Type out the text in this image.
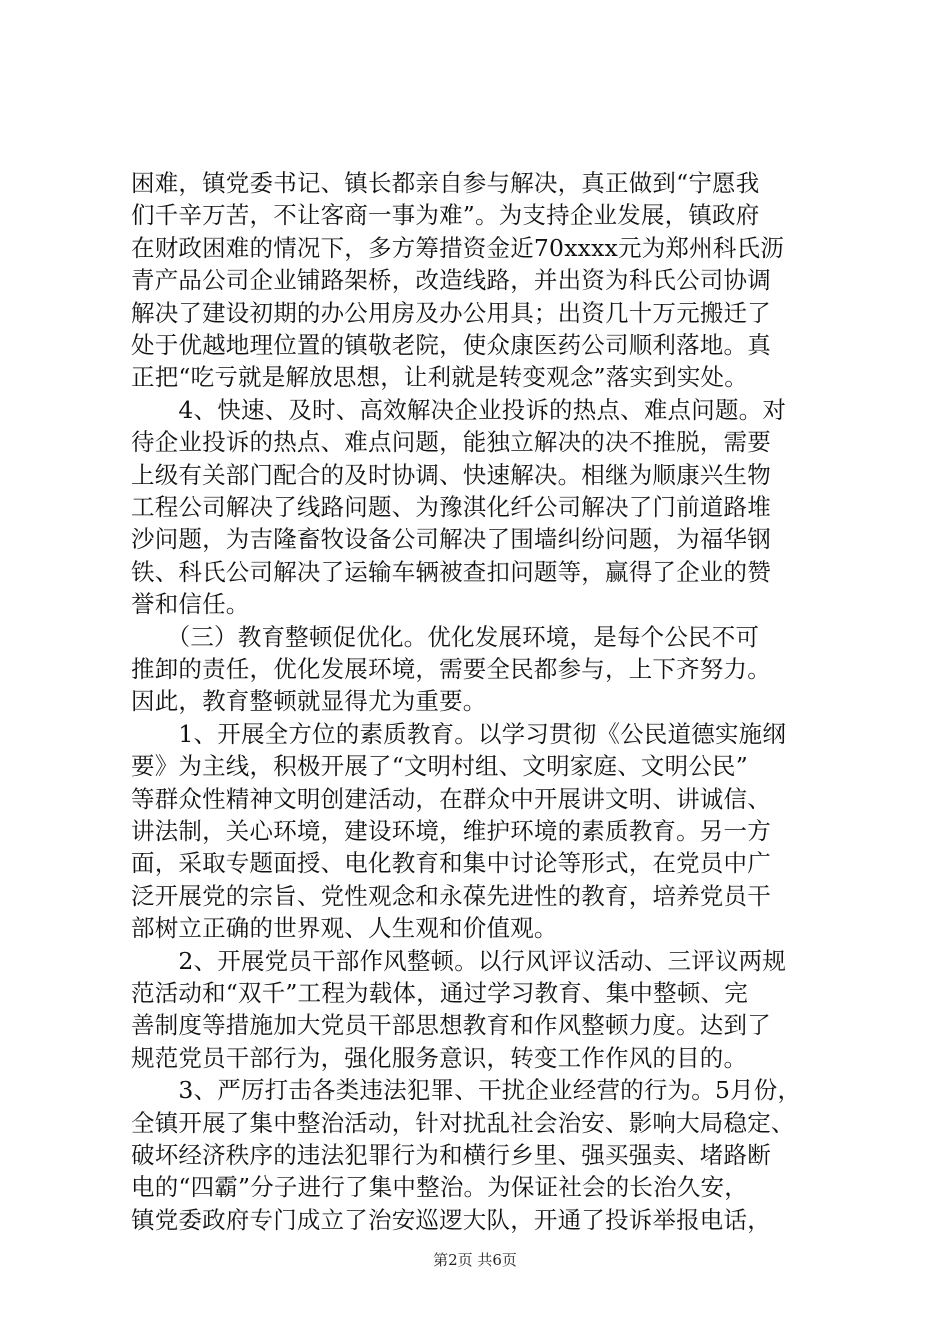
困难，镇党委书记、镇长都亲自参与解决，真正做到“宁愿我
们千辛万苦，不让客商一事为难”。为支持企业发展，镇政府
在财政困难的情况下，多方筹措资金近70xxxx元为郑州科氏沥
青产品公司企业铺路架桥，改造线路，并出资为科氏公司协调
解决了建设初期的办公用房及办公用具；出资几十万元搬迁了
处于优越地理位置的镇敬老院，使众康医药公司顺利落地。真
正把“吃亏就是解放思想，让利就是转变观念”落实到实处。
　　4、快速、及时、高效解决企业投诉的热点、难点问题。对
待企业投诉的热点、难点问题，能独立解决的决不推脱，需要
上级有关部门配合的及时协调、快速解决。相继为顺康兴生物
工程公司解决了线路问题、为豫淇化纤公司解决了门前道路堆
沙问题，为吉隆畜牧设备公司解决了围墙纠纷问题，为福华钢
铁、科氏公司解决了运输车辆被查扣问题等，赢得了企业的赞
誉和信任。
　　（三）教育整顿促优化。优化发展环境，是每个公民不可
推卸的责任，优化发展环境，需要全民都参与，上下齐努力。
因此，教育整顿就显得尤为重要。
　　1、开展全方位的素质教育。以学习贯彻《公民道德实施纲
要》为主线，积极开展了“文明村组、文明家庭、文明公民”
等群众性精神文明创建活动，在群众中开展讲文明、讲诚信、
讲法制，关心环境，建设环境，维护环境的素质教育。另一方
面，采取专题面授、电化教育和集中讨论等形式，在党员中广
泛开展党的宗旨、党性观念和永葆先进性的教育，培养党员干
部树立正确的世界观、人生观和价值观。
　　2、开展党员干部作风整顿。以行风评议活动、三评议两规
范活动和“双千”工程为载体，通过学习教育、集中整顿、完
善制度等措施加大党员干部思想教育和作风整顿力度。达到了
规范党员干部行为，强化服务意识，转变工作作风的目的。
　　3、严厉打击各类违法犯罪、干扰企业经营的行为。5月份，
全镇开展了集中整治活动，针对扰乱社会治安、影响大局稳定、
破坏经济秩序的违法犯罪行为和横行乡里、强买强卖、堵路断
电的“四霸”分子进行了集中整治。为保证社会的长治久安，
镇党委政府专门成立了治安巡逻大队，开通了投诉举报电话，
第2页 共6页
